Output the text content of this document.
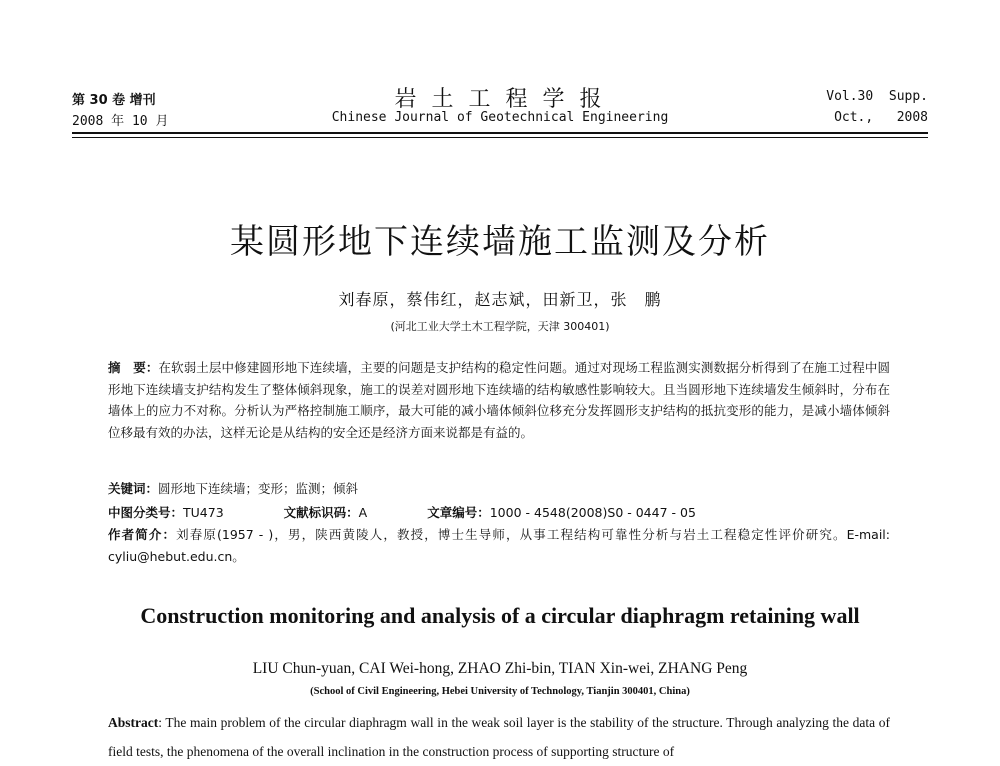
第 30 卷 增刊
2008 年 10 月
岩 土 工 程 学 报
Chinese Journal of Geotechnical Engineering
Vol.30  Supp.
Oct.,   2008
某圆形地下连续墙施工监测及分析
刘春原，蔡伟红，赵志斌，田新卫，张　鹏
(河北工业大学土木工程学院，天津 300401)
摘　要：在软弱土层中修建圆形地下连续墙，主要的问题是支护结构的稳定性问题。通过对现场工程监测实测数据分析得到了在施工过程中圆形地下连续墙支护结构发生了整体倾斜现象，施工的误差对圆形地下连续墙的结构敏感性影响较大。且当圆形地下连续墙发生倾斜时，分布在墙体上的应力不对称。分析认为严格控制施工顺序，最大可能的减小墙体倾斜位移充分发挥圆形支护结构的抵抗变形的能力，是减小墙体倾斜位移最有效的办法，这样无论是从结构的安全还是经济方面来说都是有益的。
关键词：圆形地下连续墙；变形；监测；倾斜
中图分类号：TU473	文献标识码：A	文章编号：1000 - 4548(2008)S0 - 0447 - 05
作者简介：刘春原(1957 - )，男，陕西黄陵人，教授，博士生导师，从事工程结构可靠性分析与岩土工程稳定性评价研究。E-mail: cyliu@hebut.edu.cn。
Construction monitoring and analysis of a circular diaphragm retaining wall
LIU Chun-yuan, CAI Wei-hong, ZHAO Zhi-bin, TIAN Xin-wei, ZHANG Peng
(School of Civil Engineering, Hebei University of Technology, Tianjin 300401, China)
Abstract: The main problem of the circular diaphragm wall in the weak soil layer is the stability of the structure. Through analyzing the data of field tests, the phenomena of the overall inclination in the construction process of supporting structure of
